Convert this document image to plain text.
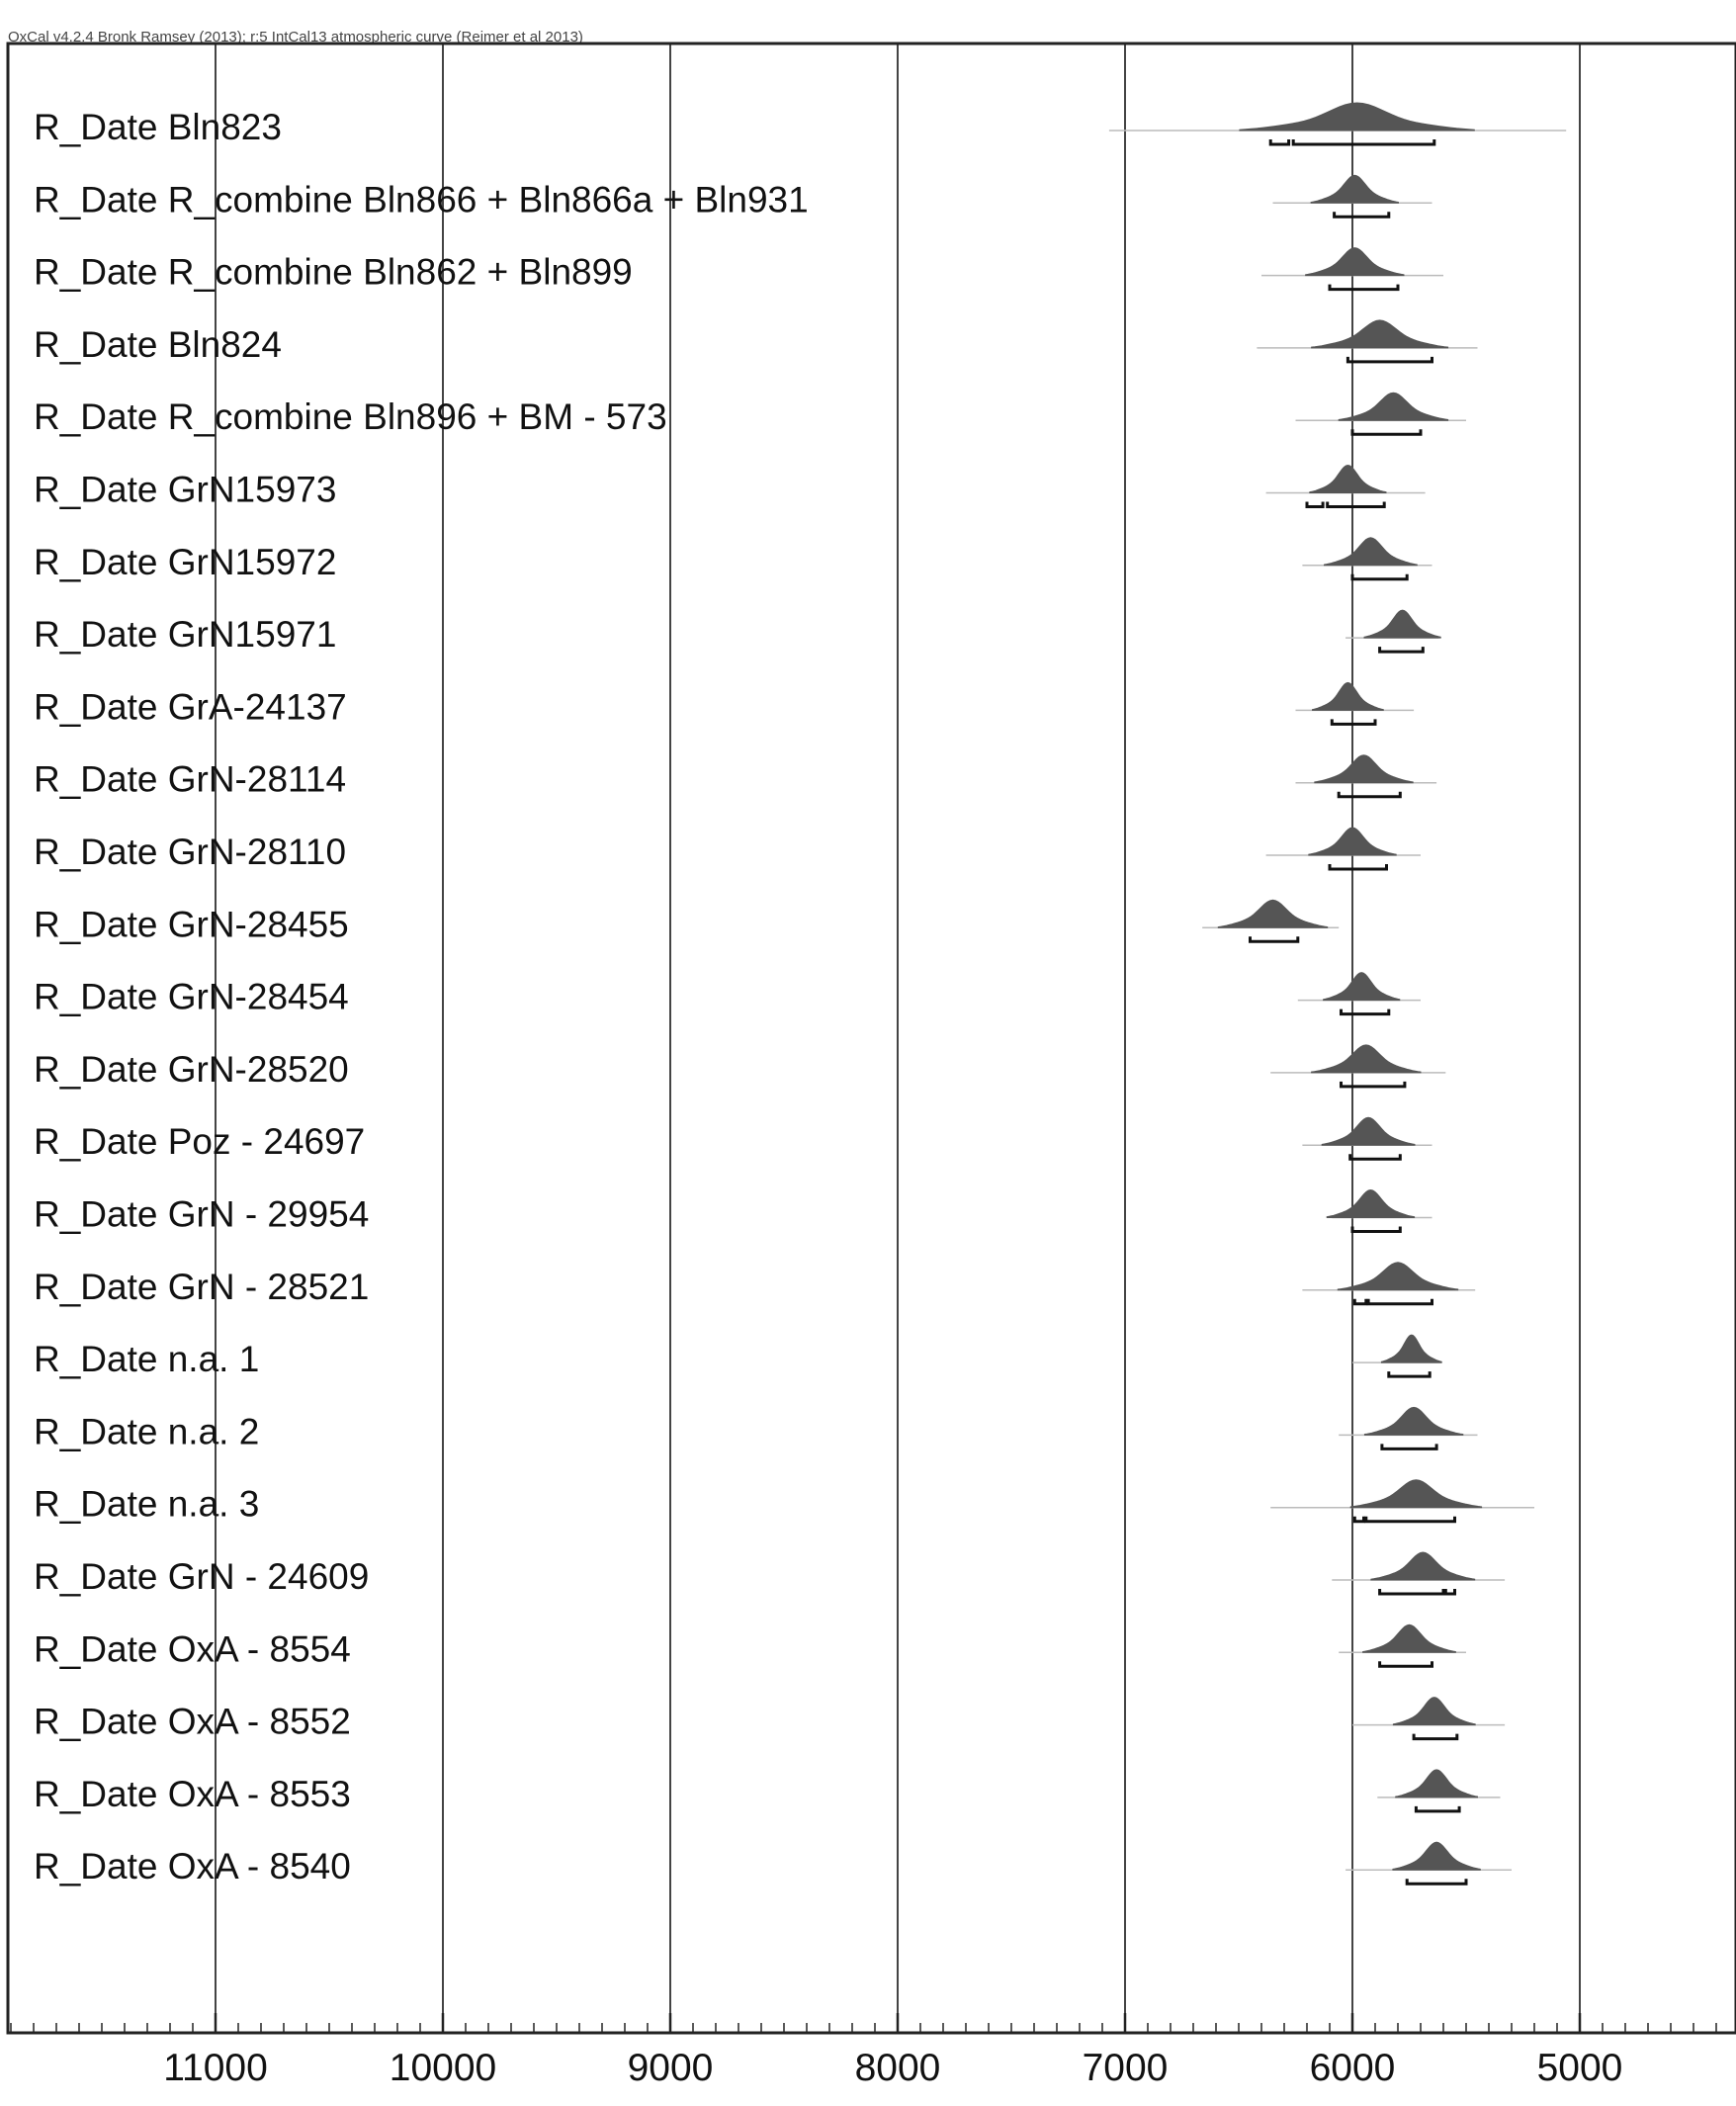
OxCal v4.2.4 Bronk Ramsey (2013); r:5 IntCal13 atmospheric curve (Reimer et al 2013)
R_Date Bln823
R_Date R_combine Bln866 + Bln866a + Bln931
R_Date R_combine Bln862 + Bln899
R_Date Bln824
R_Date R_combine Bln896 + BM - 573
R_Date GrN15973
R_Date GrN15972
R_Date GrN15971
R_Date GrA-24137
R_Date GrN-28114
R_Date GrN-28110
R_Date GrN-28455
R_Date GrN-28454
R_Date GrN-28520
R_Date Poz - 24697
R_Date GrN - 29954
R_Date GrN - 28521
R_Date n.a. 1
R_Date n.a. 2
R_Date n.a. 3
R_Date GrN - 24609
R_Date OxA - 8554
R_Date OxA - 8552
R_Date OxA - 8553
R_Date OxA - 8540
11000	10000	9000	8000	7000	6000	5000
